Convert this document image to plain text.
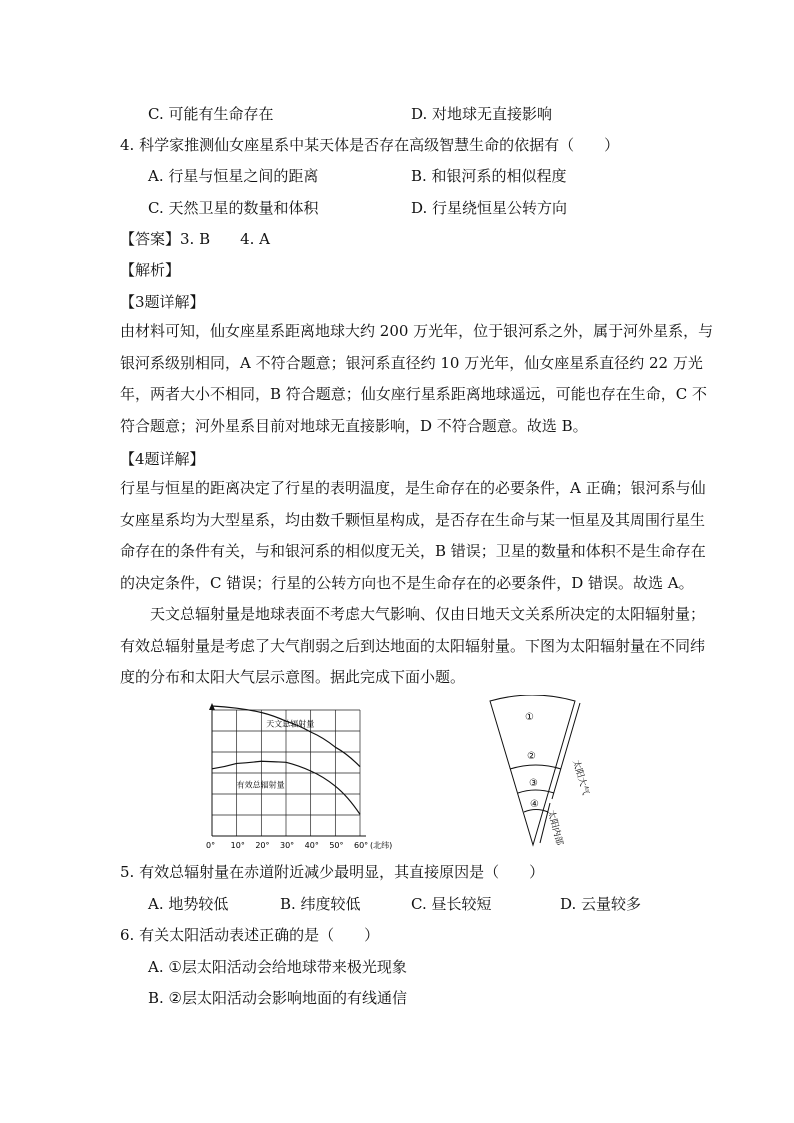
C. 可能有生命存在	D. 对地球无直接影响
4. 科学家推测仙女座星系中某天体是否存在高级智慧生命的依据有（　　）
A. 行星与恒星之间的距离	B. 和银河系的相似程度
C. 天然卫星的数量和体积	D. 行星绕恒星公转方向
【答案】3. B　　4. A
【解析】
【3题详解】
由材料可知，仙女座星系距离地球大约 200 万光年，位于银河系之外，属于河外星系，与
银河系级别相同，A 不符合题意；银河系直径约 10 万光年，仙女座星系直径约 22 万光
年，两者大小不相同，B 符合题意；仙女座行星系距离地球遥远，可能也存在生命，C 不
符合题意；河外星系目前对地球无直接影响，D 不符合题意。故选 B。
【4题详解】
行星与恒星的距离决定了行星的表明温度，是生命存在的必要条件，A 正确；银河系与仙
女座星系均为大型星系，均由数千颗恒星构成，是否存在生命与某一恒星及其周围行星生
命存在的条件有关，与和银河系的相似度无关，B 错误；卫星的数量和体积不是生命存在
的决定条件，C 错误；行星的公转方向也不是生命存在的必要条件，D 错误。故选 A。
　　天文总辐射量是地球表面不考虑大气影响、仅由日地天文关系所决定的太阳辐射量；
有效总辐射量是考虑了大气削弱之后到达地面的太阳辐射量。下图为太阳辐射量在不同纬
度的分布和太阳大气层示意图。据此完成下面小题。
天文总辐射量
有效总辐射量
0° 10° 20° 30° 40° 50° 60° (北纬)
①
②
③
④
太阳大气
太阳内部
5. 有效总辐射量在赤道附近减少最明显，其直接原因是（　　）
A. 地势较低	B. 纬度较低	C. 昼长较短	D. 云量较多
6. 有关太阳活动表述正确的是（　　）
A. ①层太阳活动会给地球带来极光现象
B. ②层太阳活动会影响地面的有线通信
